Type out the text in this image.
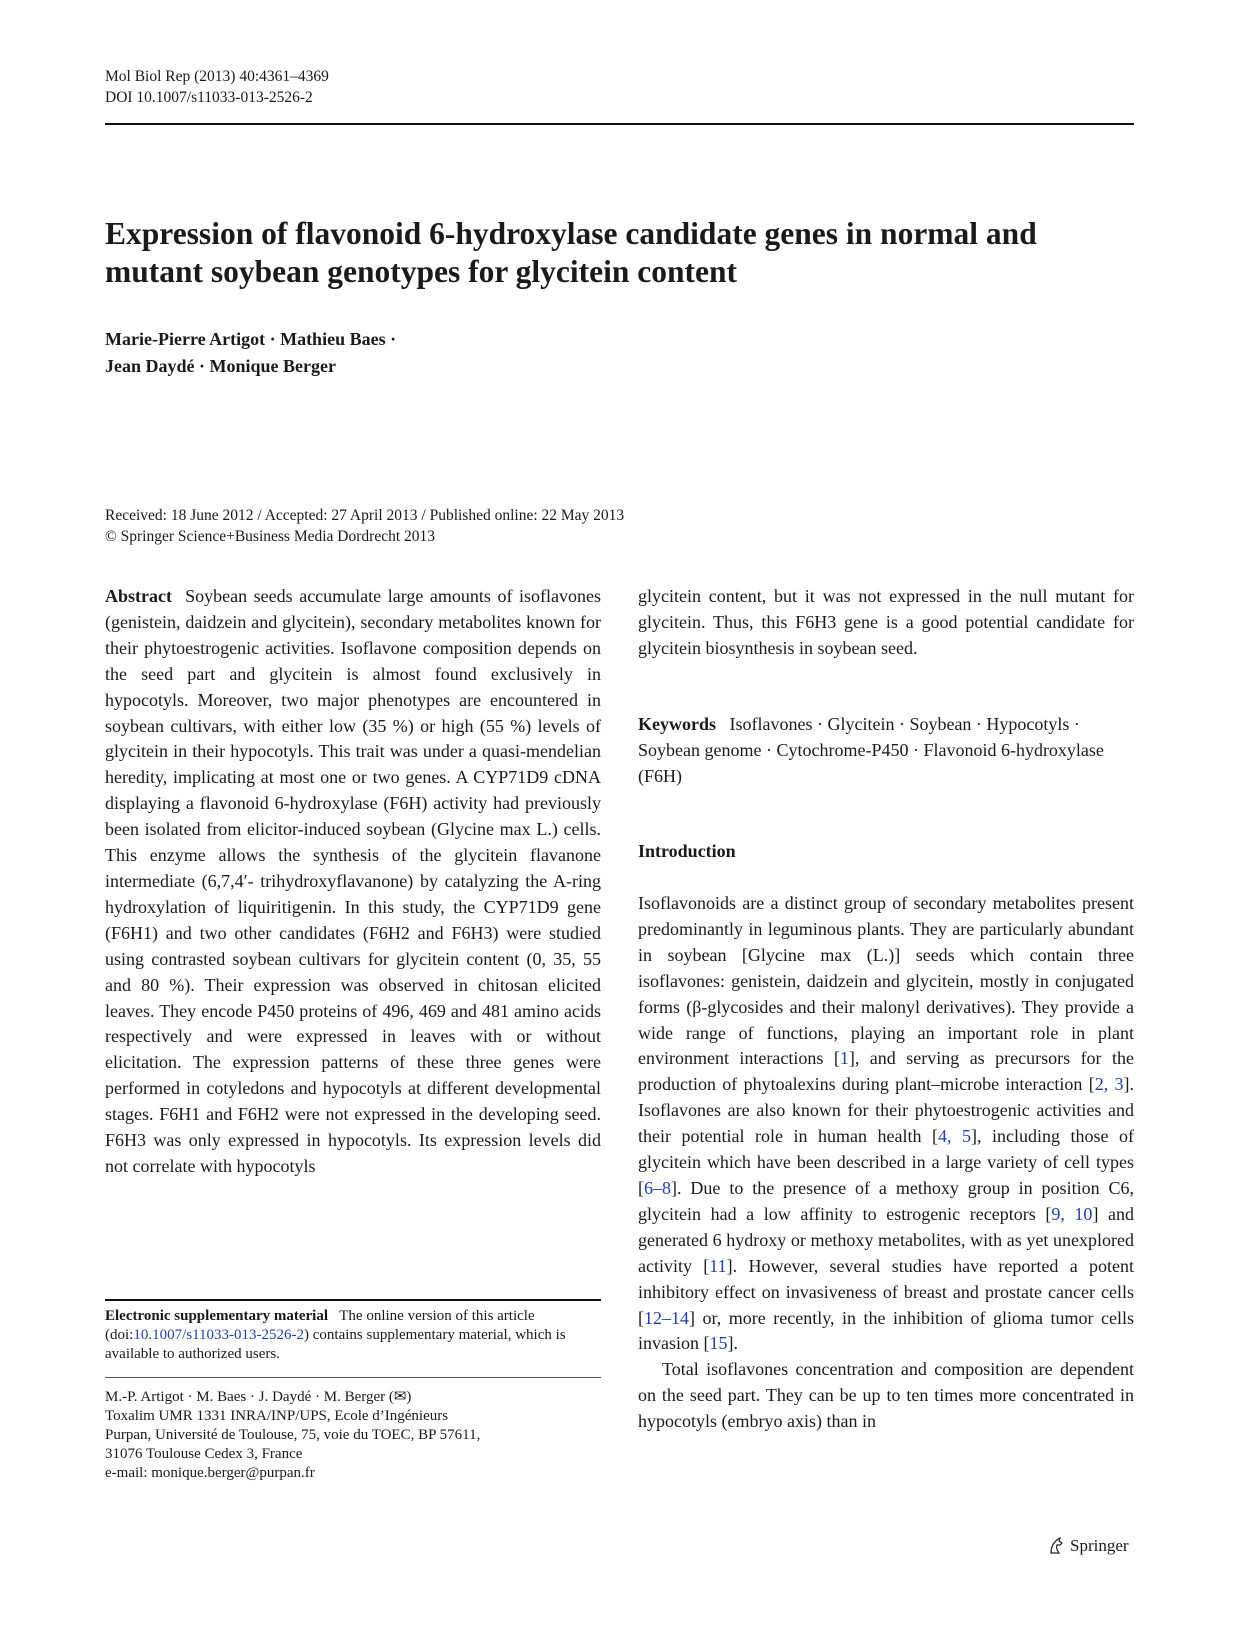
Mol Biol Rep (2013) 40:4361–4369
DOI 10.1007/s11033-013-2526-2
Expression of flavonoid 6-hydroxylase candidate genes in normal and mutant soybean genotypes for glycitein content
Marie-Pierre Artigot · Mathieu Baes ·
Jean Daydé · Monique Berger
Received: 18 June 2012 / Accepted: 27 April 2013 / Published online: 22 May 2013
© Springer Science+Business Media Dordrecht 2013

Abstract Soybean seeds accumulate large amounts of isoflavones (genistein, daidzein and glycitein), secondary metabolites known for their phytoestrogenic activities. Isoflavone composition depends on the seed part and glycitein is almost found exclusively in hypocotyls. Moreover, two major phenotypes are encountered in soybean cultivars, with either low (35 %) or high (55 %) levels of glycitein in their hypocotyls. This trait was under a quasi-mendelian heredity, implicating at most one or two genes. A CYP71D9 cDNA displaying a flavonoid 6-hydroxylase (F6H) activity had previously been isolated from elicitor-induced soybean (Glycine max L.) cells. This enzyme allows the synthesis of the glycitein flavanone intermediate (6,7,4′- trihydroxyflavanone) by catalyzing the A-ring hydroxylation of liquiritigenin. In this study, the CYP71D9 gene (F6H1) and two other candidates (F6H2 and F6H3) were studied using contrasted soybean cultivars for glycitein content (0, 35, 55 and 80 %). Their expression was observed in chitosan elicited leaves. They encode P450 proteins of 496, 469 and 481 amino acids respectively and were expressed in leaves with or without elicitation. The expression patterns of these three genes were performed in cotyledons and hypocotyls at different developmental stages. F6H1 and F6H2 were not expressed in the developing seed. F6H3 was only expressed in hypocotyls. Its expression levels did not correlate with hypocotyls

Electronic supplementary material The online version of this article (doi:10.1007/s11033-013-2526-2) contains supplementary material, which is available to authorized users.
M.-P. Artigot · M. Baes · J. Daydé · M. Berger (✉)
Toxalim UMR 1331 INRA/INP/UPS, Ecole d’Ingénieurs
Purpan, Université de Toulouse, 75, voie du TOEC, BP 57611,
31076 Toulouse Cedex 3, France
e-mail: monique.berger@purpan.fr

glycitein content, but it was not expressed in the null mutant for glycitein. Thus, this F6H3 gene is a good potential candidate for glycitein biosynthesis in soybean seed.

Keywords Isoflavones · Glycitein · Soybean · Hypocotyls · Soybean genome · Cytochrome-P450 · Flavonoid 6-hydroxylase (F6H)

Introduction

Isoflavonoids are a distinct group of secondary metabolites present predominantly in leguminous plants. They are particularly abundant in soybean [Glycine max (L.)] seeds which contain three isoflavones: genistein, daidzein and glycitein, mostly in conjugated forms (β-glycosides and their malonyl derivatives). They provide a wide range of functions, playing an important role in plant environment interactions [1], and serving as precursors for the production of phytoalexins during plant–microbe interaction [2, 3]. Isoflavones are also known for their phytoestrogenic activities and their potential role in human health [4, 5], including those of glycitein which have been described in a large variety of cell types [6–8]. Due to the presence of a methoxy group in position C6, glycitein had a low affinity to estrogenic receptors [9, 10] and generated 6 hydroxy or methoxy metabolites, with as yet unexplored activity [11]. However, several studies have reported a potent inhibitory effect on invasiveness of breast and prostate cancer cells [12–14] or, more recently, in the inhibition of glioma tumor cells invasion [15].

Total isoflavones concentration and composition are dependent on the seed part. They can be up to ten times more concentrated in hypocotyls (embryo axis) than in

Springer
